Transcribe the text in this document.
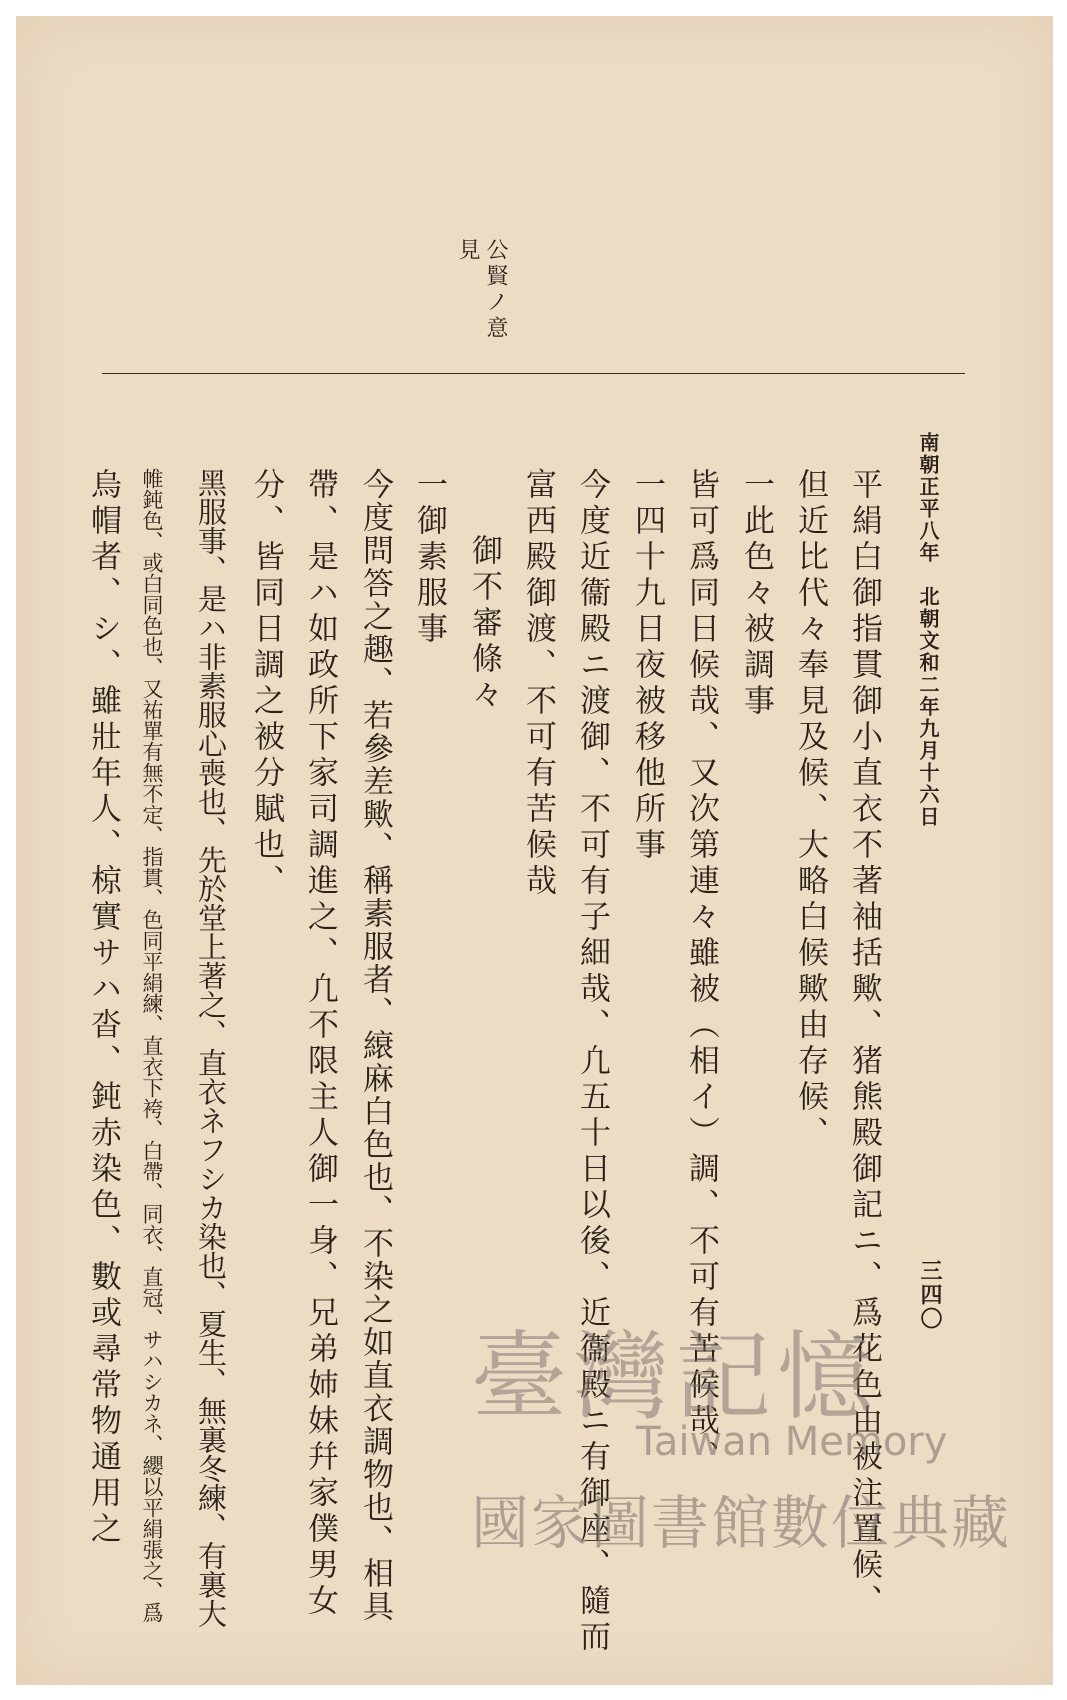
南朝正平八年　北朝文和二年九月十六日
三四〇
公賢ノ意
見
平絹白御指貫御小直衣不著袖括歟、猪熊殿御記ニ、爲花色由被注置候、
但近比代々奉見及候、大略白候歟由存候、
一此色々被調事
皆可爲同日候哉、又次第連々雖被（相イ）調、不可有苦候哉、
一四十九日夜被移他所事
今度近衞殿ニ渡御、不可有子細哉、凢五十日以後、近衞殿ニ有御座、隨而
富西殿御渡、不可有苦候哉
　御不審條々
一御素服事
今度問答之趣、若參差歟、稱素服者、縗麻白色也、不染之如直衣調物也、相具
帶、是ハ如政所下家司調進之、凢不限主人御一身、兄弟姉妹幷家僕男女
分、皆同日調之被分賦也、
黑服事、是ハ非素服心喪也、先於堂上著之、直衣ネフシカ染也、夏生、無裏冬練、有裏大
帷鈍色、或白同色也、又祐單有無不定、指貫、色同平絹練、直衣下袴、白帶、同衣、直冠、サハシカネ、纓以平絹張之、爲
烏帽者、シ、雖壯年人、椋實サハ沓、鈍赤染色、數或尋常物通用之	臺灣記憶
Taiwan Memory
國家圖書館數位典藏
